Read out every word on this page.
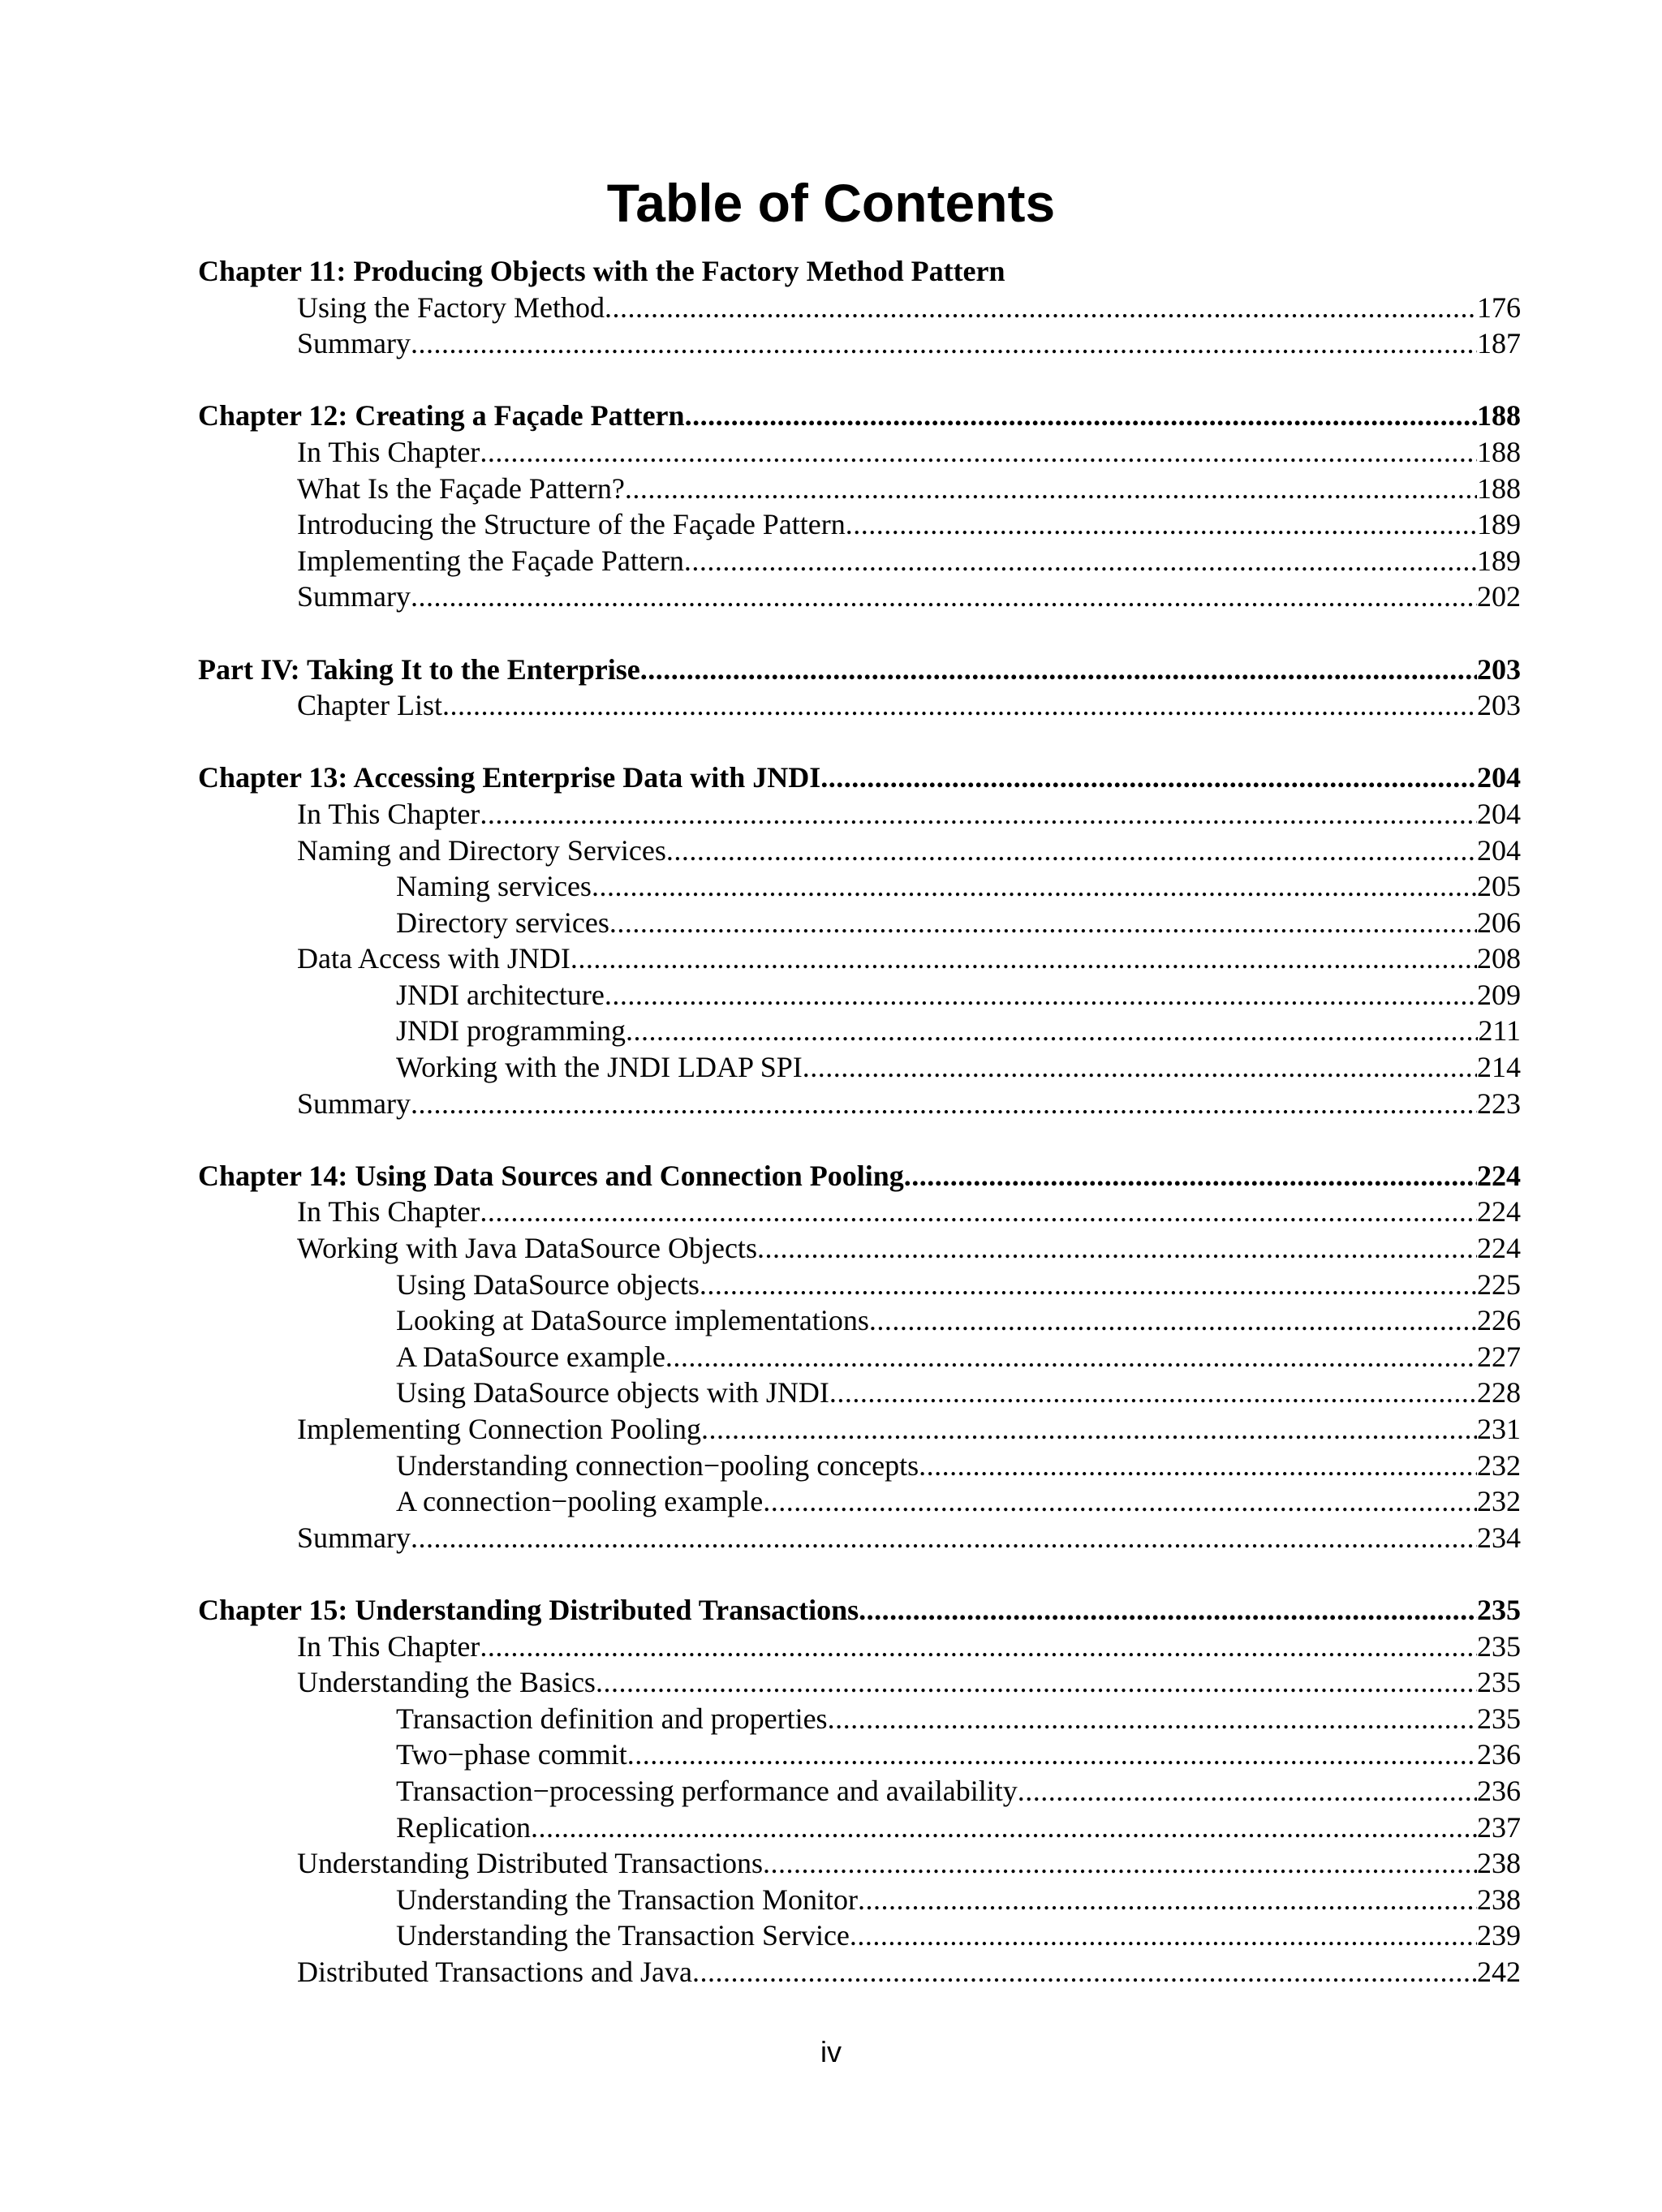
Table of Contents
Chapter 11: Producing Objects with the Factory Method Pattern
Using the Factory Method .....	176
Summary .....	187
Chapter 12: Creating a Façade Pattern .....	188
In This Chapter .....	188
What Is the Façade Pattern? .....	188
Introducing the Structure of the Façade Pattern .....	189
Implementing the Façade Pattern .....	189
Summary .....	202
Part IV: Taking It to the Enterprise .....	203
Chapter List .....	203
Chapter 13: Accessing Enterprise Data with JNDI .....	204
In This Chapter .....	204
Naming and Directory Services .....	204
Naming services .....	205
Directory services .....	206
Data Access with JNDI .....	208
JNDI architecture .....	209
JNDI programming .....	211
Working with the JNDI LDAP SPI .....	214
Summary .....	223
Chapter 14: Using Data Sources and Connection Pooling .....	224
In This Chapter .....	224
Working with Java DataSource Objects .....	224
Using DataSource objects .....	225
Looking at DataSource implementations .....	226
A DataSource example .....	227
Using DataSource objects with JNDI .....	228
Implementing Connection Pooling .....	231
Understanding connection−pooling concepts .....	232
A connection−pooling example .....	232
Summary .....	234
Chapter 15: Understanding Distributed Transactions .....	235
In This Chapter .....	235
Understanding the Basics .....	235
Transaction definition and properties .....	235
Two−phase commit .....	236
Transaction−processing performance and availability .....	236
Replication .....	237
Understanding Distributed Transactions .....	238
Understanding the Transaction Monitor .....	238
Understanding the Transaction Service .....	239
Distributed Transactions and Java .....	242
iv
